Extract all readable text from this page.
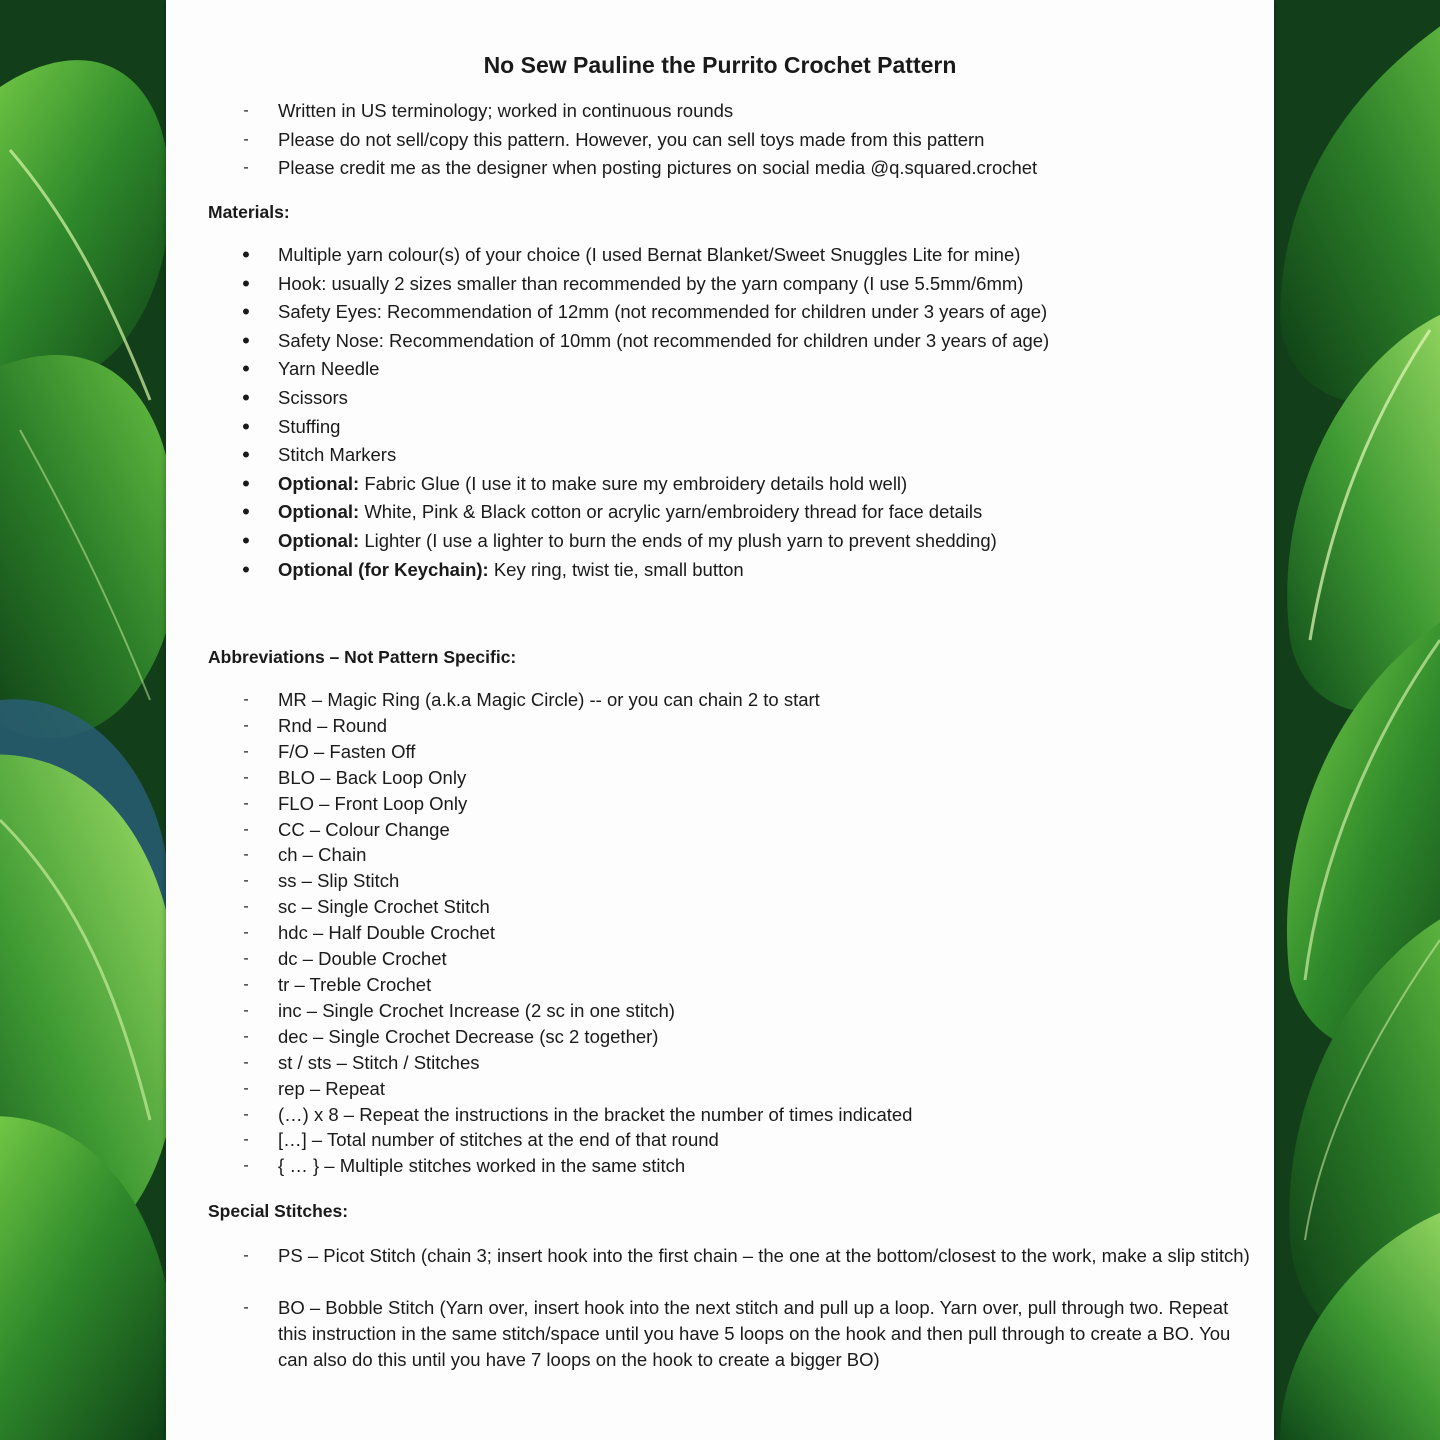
No Sew Pauline the Purrito Crochet Pattern
- Written in US terminology; worked in continuous rounds
- Please do not sell/copy this pattern. However, you can sell toys made from this pattern
- Please credit me as the designer when posting pictures on social media @q.squared.crochet
Materials:
• Multiple yarn colour(s) of your choice (I used Bernat Blanket/Sweet Snuggles Lite for mine)
• Hook: usually 2 sizes smaller than recommended by the yarn company (I use 5.5mm/6mm)
• Safety Eyes: Recommendation of 12mm (not recommended for children under 3 years of age)
• Safety Nose: Recommendation of 10mm (not recommended for children under 3 years of age)
• Yarn Needle
• Scissors
• Stuffing
• Stitch Markers
• Optional: Fabric Glue (I use it to make sure my embroidery details hold well)
• Optional: White, Pink & Black cotton or acrylic yarn/embroidery thread for face details
• Optional: Lighter (I use a lighter to burn the ends of my plush yarn to prevent shedding)
• Optional (for Keychain): Key ring, twist tie, small button
Abbreviations – Not Pattern Specific:
- MR – Magic Ring (a.k.a Magic Circle) -- or you can chain 2 to start
- Rnd – Round
- F/O – Fasten Off
- BLO – Back Loop Only
- FLO – Front Loop Only
- CC – Colour Change
- ch – Chain
- ss – Slip Stitch
- sc – Single Crochet Stitch
- hdc – Half Double Crochet
- dc – Double Crochet
- tr – Treble Crochet
- inc – Single Crochet Increase (2 sc in one stitch)
- dec – Single Crochet Decrease (sc 2 together)
- st / sts – Stitch / Stitches
- rep – Repeat
- (…) x 8 – Repeat the instructions in the bracket the number of times indicated
- […] – Total number of stitches at the end of that round
- { … } – Multiple stitches worked in the same stitch
Special Stitches:
- PS – Picot Stitch (chain 3; insert hook into the first chain – the one at the bottom/closest to the work, make a slip stitch)
- BO – Bobble Stitch (Yarn over, insert hook into the next stitch and pull up a loop. Yarn over, pull through two. Repeat this instruction in the same stitch/space until you have 5 loops on the hook and then pull through to create a BO. You can also do this until you have 7 loops on the hook to create a bigger BO)
